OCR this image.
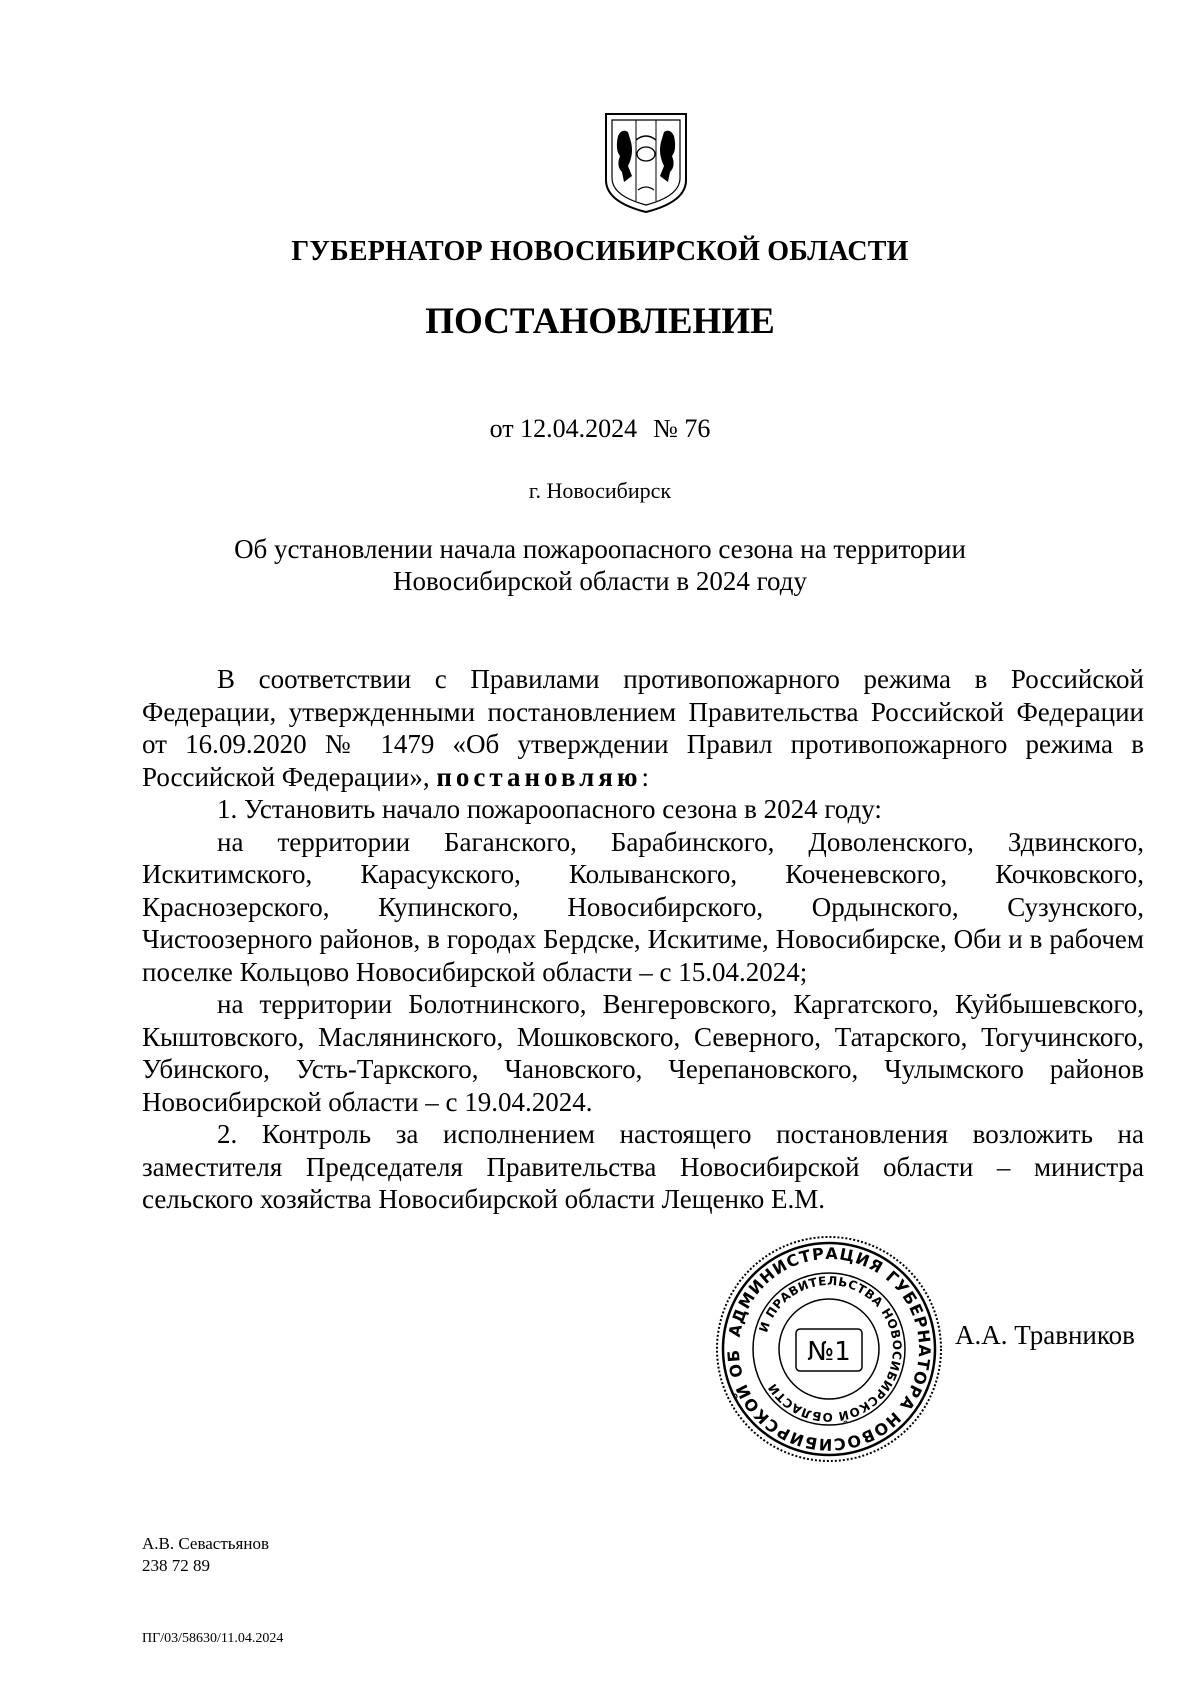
ГУБЕРНАТОР НОВОСИБИРСКОЙ ОБЛАСТИ
ПОСТАНОВЛЕНИЕ
от 12.04.2024 № 76
г. Новосибирск
Об установлении начала пожароопасного сезона на территории
Новосибирской области в 2024 году

В соответствии с Правилами противопожарного режима в Российской Федерации, утвержденными постановлением Правительства Российской Федерации от 16.09.2020 № 1479 «Об утверждении Правил противопожарного режима в Российской Федерации», постановляю:

1. Установить начало пожароопасного сезона в 2024 году:

на территории Баганского, Барабинского, Доволенского, Здвинского, Искитимского, Карасукского, Колыванского, Коченевского, Кочковского, Краснозерского, Купинского, Новосибирского, Ордынского, Сузунского, Чистоозерного районов, в городах Бердске, Искитиме, Новосибирске, Оби и в рабочем поселке Кольцово Новосибирской области – с 15.04.2024;

на территории Болотнинского, Венгеровского, Каргатского, Куйбышевского, Кыштовского, Маслянинского, Мошковского, Северного, Татарского, Тогучинского, Убинского, Усть-Таркского, Чановского, Черепановского, Чулымского районов Новосибирской области – с 19.04.2024.

2. Контроль за исполнением настоящего постановления возложить на заместителя Председателя Правительства Новосибирской области – министра сельского хозяйства Новосибирской области Лещенко Е.М.

АДМИНИСТРАЦИЯ ГУБЕРНАТОРА НОВОСИБИРСКОЙ ОБ
И ПРАВИТЕЛЬСТВА НОВОСИБИРСКОЙ ОБЛАСТИ
№1
А.А. Травников
А.В. Севастьянов
238 72 89
ПГ/03/58630/11.04.2024
